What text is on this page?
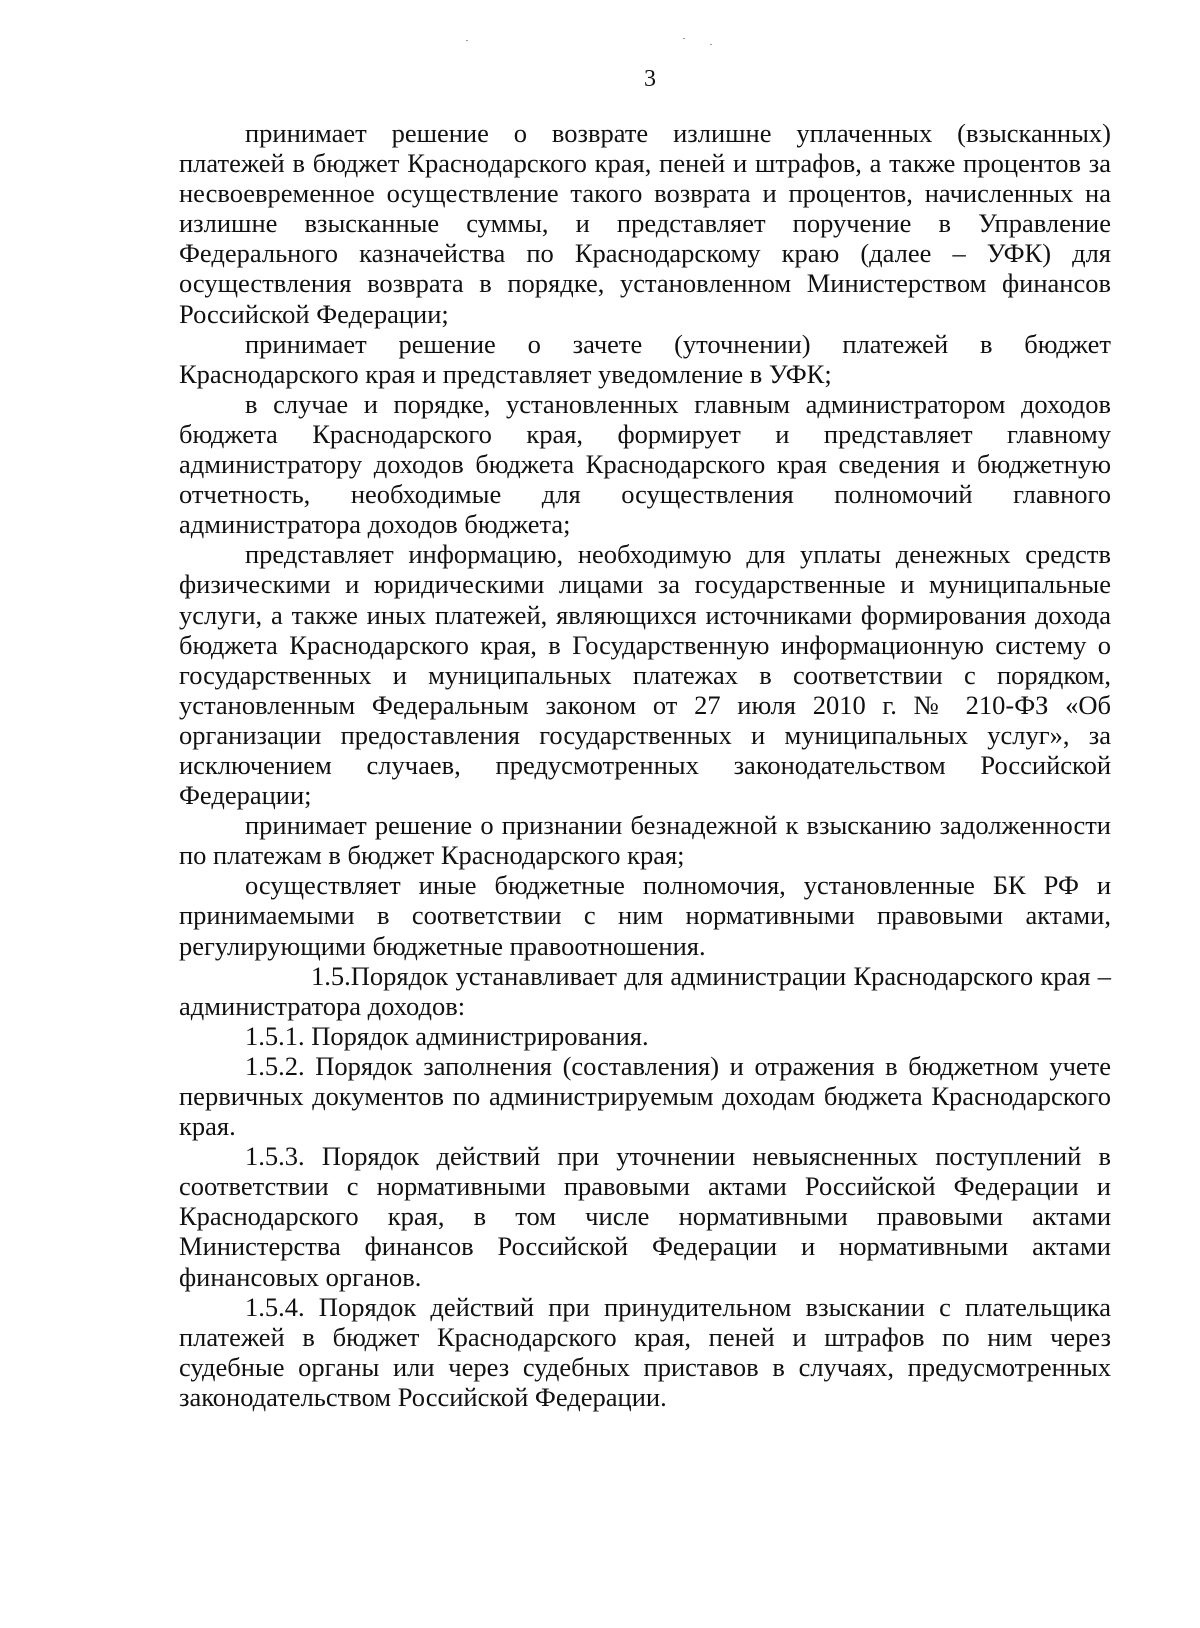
3

принимает решение о возврате излишне уплаченных (взысканных) платежей в бюджет Краснодарского края, пеней и штрафов, а также процентов за несвоевременное осуществление такого возврата и процентов, начисленных на излишне взысканные суммы, и представляет поручение в Управление Федерального казначейства по Краснодарскому краю (далее – УФК) для осуществления возврата в порядке, установленном Министерством финансов Российской Федерации;

принимает решение о зачете (уточнении) платежей в бюджет Краснодарского края и представляет уведомление в УФК;

в случае и порядке, установленных главным администратором доходов бюджета Краснодарского края, формирует и представляет главному администратору доходов бюджета Краснодарского края сведения и бюджетную отчетность, необходимые для осуществления полномочий главного администратора доходов бюджета;

представляет информацию, необходимую для уплаты денежных средств физическими и юридическими лицами за государственные и муниципальные услуги, а также иных платежей, являющихся источниками формирования дохода бюджета Краснодарского края, в Государственную информационную систему о государственных и муниципальных платежах в соответствии с порядком, установленным Федеральным законом от 27 июля 2010 г. № 210-ФЗ «Об организации предоставления государственных и муниципальных услуг», за исключением случаев, предусмотренных законодательством Российской Федерации;

принимает решение о признании безнадежной к взысканию задолженности по платежам в бюджет Краснодарского края;

осуществляет иные бюджетные полномочия, установленные БК РФ и принимаемыми в соответствии с ним нормативными правовыми актами, регулирующими бюджетные правоотношения.

1.5.Порядок устанавливает для администрации Краснодарского края – администратора доходов:

1.5.1. Порядок администрирования.

1.5.2. Порядок заполнения (составления) и отражения в бюджетном учете первичных документов по администрируемым доходам бюджета Краснодарского края.

1.5.3. Порядок действий при уточнении невыясненных поступлений в соответствии с нормативными правовыми актами Российской Федерации и Краснодарского края, в том числе нормативными правовыми актами Министерства финансов Российской Федерации и нормативными актами финансовых органов.

1.5.4. Порядок действий при принудительном взыскании с плательщика платежей в бюджет Краснодарского края, пеней и штрафов по ним через судебные органы или через судебных приставов в случаях, предусмотренных законодательством Российской Федерации.
